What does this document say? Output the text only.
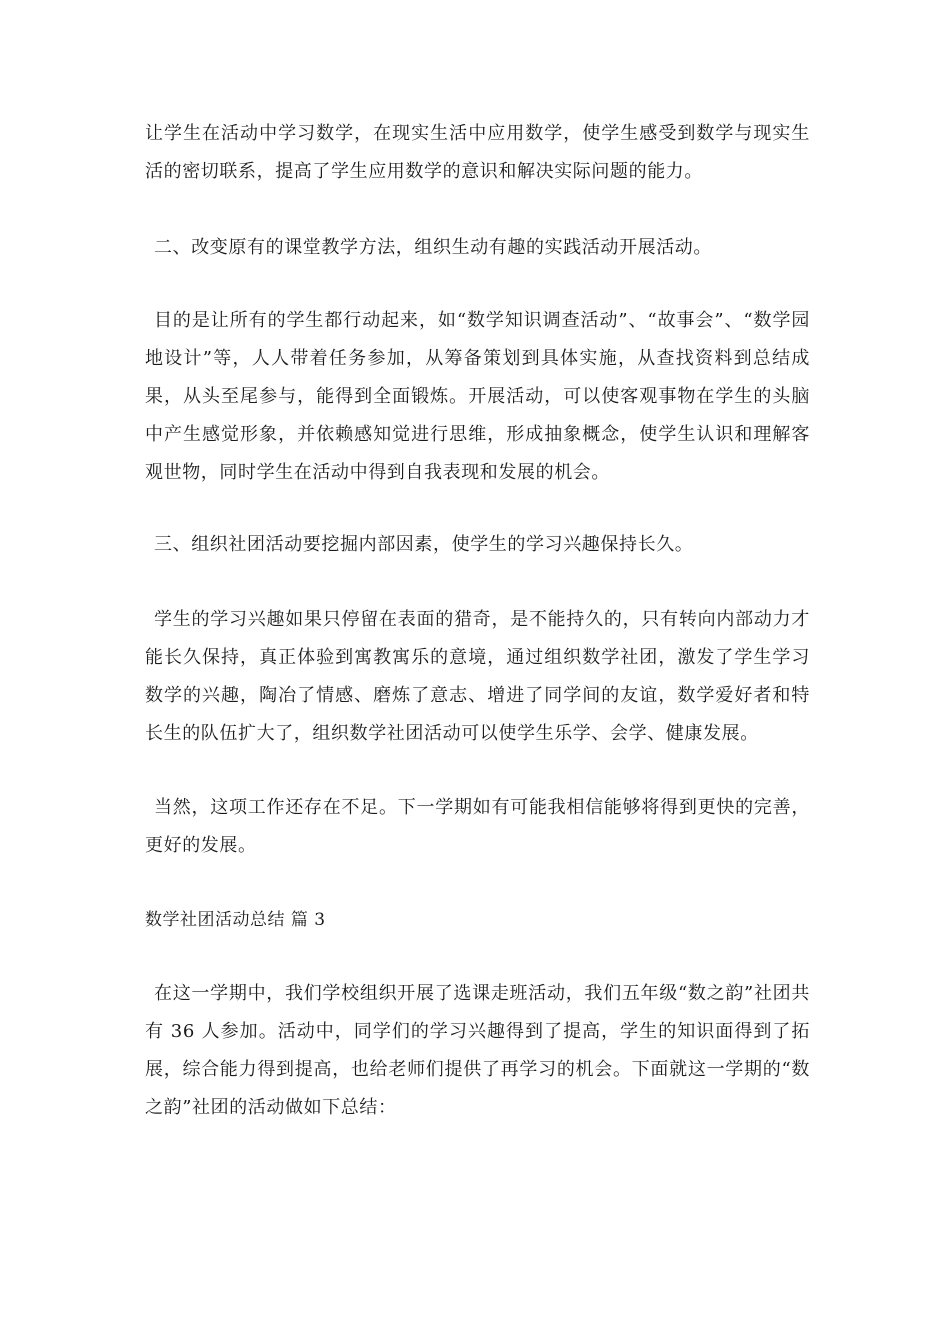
让学生在活动中学习数学，在现实生活中应用数学，使学生感受到数学与现实生活的密切联系，提高了学生应用数学的意识和解决实际问题的能力。

二、改变原有的课堂教学方法，组织生动有趣的实践活动开展活动。

目的是让所有的学生都行动起来，如“数学知识调查活动”、“故事会”、“数学园地设计”等，人人带着任务参加，从筹备策划到具体实施，从查找资料到总结成果，从头至尾参与，能得到全面锻炼。开展活动，可以使客观事物在学生的头脑中产生感觉形象，并依赖感知觉进行思维，形成抽象概念，使学生认识和理解客观世物，同时学生在活动中得到自我表现和发展的机会。

三、组织社团活动要挖掘内部因素，使学生的学习兴趣保持长久。

学生的学习兴趣如果只停留在表面的猎奇，是不能持久的，只有转向内部动力才能长久保持，真正体验到寓教寓乐的意境，通过组织数学社团，激发了学生学习数学的兴趣，陶冶了情感、磨炼了意志、增进了同学间的友谊，数学爱好者和特长生的队伍扩大了，组织数学社团活动可以使学生乐学、会学、健康发展。

当然，这项工作还存在不足。下一学期如有可能我相信能够将得到更快的完善，更好的发展。

数学社团活动总结 篇 3

在这一学期中，我们学校组织开展了选课走班活动，我们五年级“数之韵”社团共有 36 人参加。活动中，同学们的学习兴趣得到了提高，学生的知识面得到了拓展，综合能力得到提高，也给老师们提供了再学习的机会。下面就这一学期的“数之韵”社团的活动做如下总结：
